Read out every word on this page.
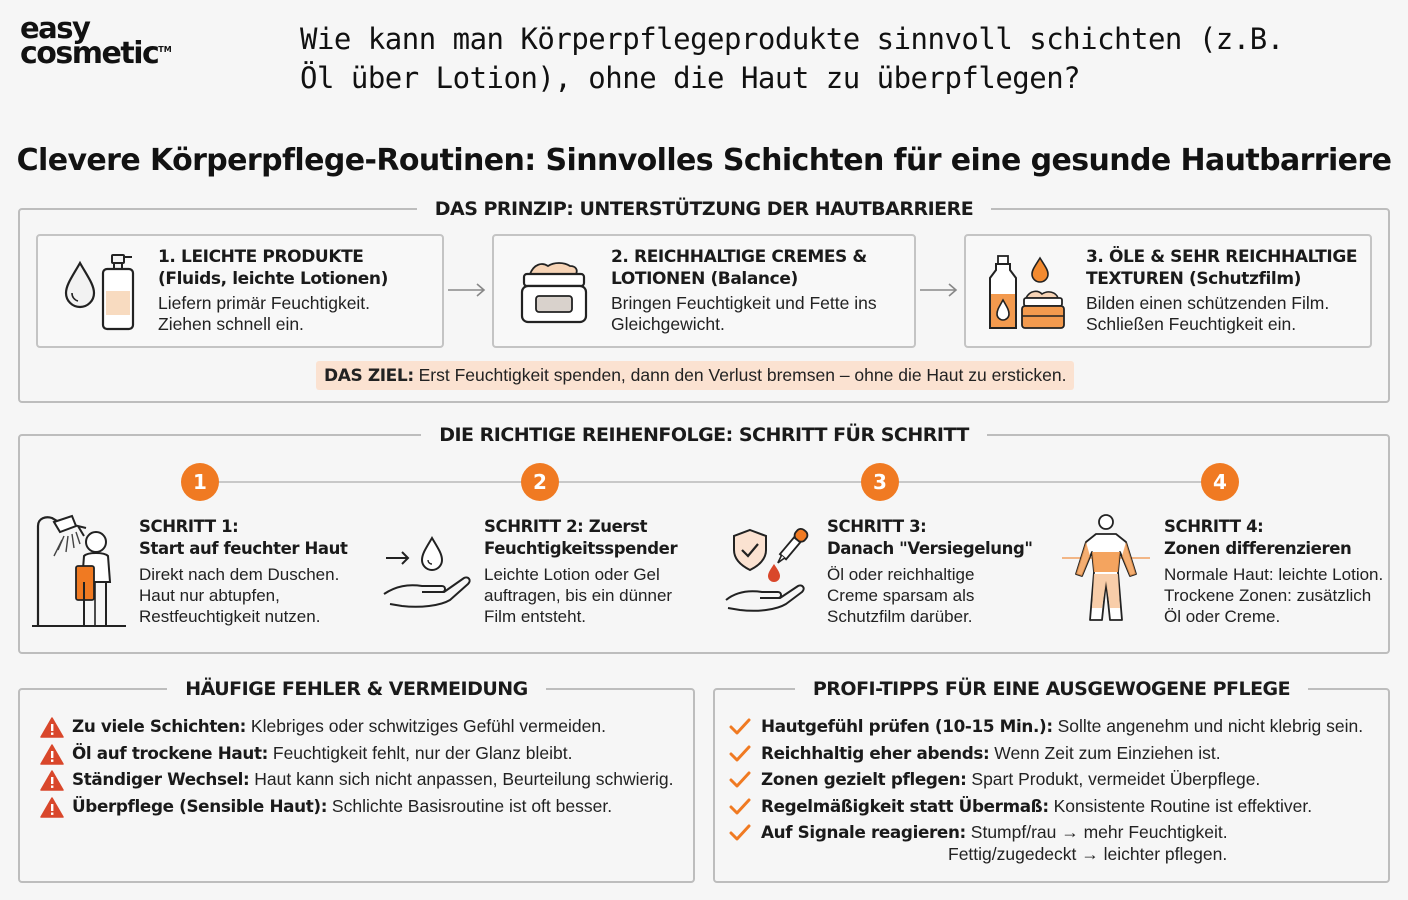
easy
cosmetic™	Wie kann man Körperpflegeprodukte sinnvoll schichten (z.B. Öl über Lotion), ohne die Haut zu überpflegen?
Clevere Körperpflege-Routinen: Sinnvolles Schichten für eine gesunde Hautbarriere
DAS PRINZIP: UNTERSTÜTZUNG DER HAUTBARRIERE
1. LEICHTE PRODUKTE
(Fluids, leichte Lotionen)
Liefern primär Feuchtigkeit.
Ziehen schnell ein.
2. REICHHALTIGE CREMES &
LOTIONEN (Balance)
Bringen Feuchtigkeit und Fette ins
Gleichgewicht.
3. ÖLE & SEHR REICHHALTIGE
TEXTUREN (Schutzfilm)
Bilden einen schützenden Film.
Schließen Feuchtigkeit ein.
DAS ZIEL: Erst Feuchtigkeit spenden, dann den Verlust bremsen – ohne die Haut zu ersticken.
DIE RICHTIGE REIHENFOLGE: SCHRITT FÜR SCHRITT
1	2	3	4
SCHRITT 1:
Start auf feuchter Haut
Direkt nach dem Duschen.
Haut nur abtupfen,
Restfeuchtigkeit nutzen.
SCHRITT 2: Zuerst
Feuchtigkeitsspender
Leichte Lotion oder Gel
auftragen, bis ein dünner
Film entsteht.
SCHRITT 3:
Danach "Versiegelung"
Öl oder reichhaltige
Creme sparsam als
Schutzfilm darüber.
SCHRITT 4:
Zonen differenzieren
Normale Haut: leichte Lotion.
Trockene Zonen: zusätzlich
Öl oder Creme.
HÄUFIGE FEHLER & VERMEIDUNG
Zu viele Schichten: Klebriges oder schwitziges Gefühl vermeiden.
Öl auf trockene Haut: Feuchtigkeit fehlt, nur der Glanz bleibt.
Ständiger Wechsel: Haut kann sich nicht anpassen, Beurteilung schwierig.
Überpflege (Sensible Haut): Schlichte Basisroutine ist oft besser.
PROFI-TIPPS FÜR EINE AUSGEWOGENE PFLEGE
Hautgefühl prüfen (10-15 Min.): Sollte angenehm und nicht klebrig sein.
Reichhaltig eher abends: Wenn Zeit zum Einziehen ist.
Zonen gezielt pflegen: Spart Produkt, vermeidet Überpflege.
Regelmäßigkeit statt Übermaß: Konsistente Routine ist effektiver.
Auf Signale reagieren: Stumpf/rau → mehr Feuchtigkeit.
Fettig/zugedeckt → leichter pflegen.
